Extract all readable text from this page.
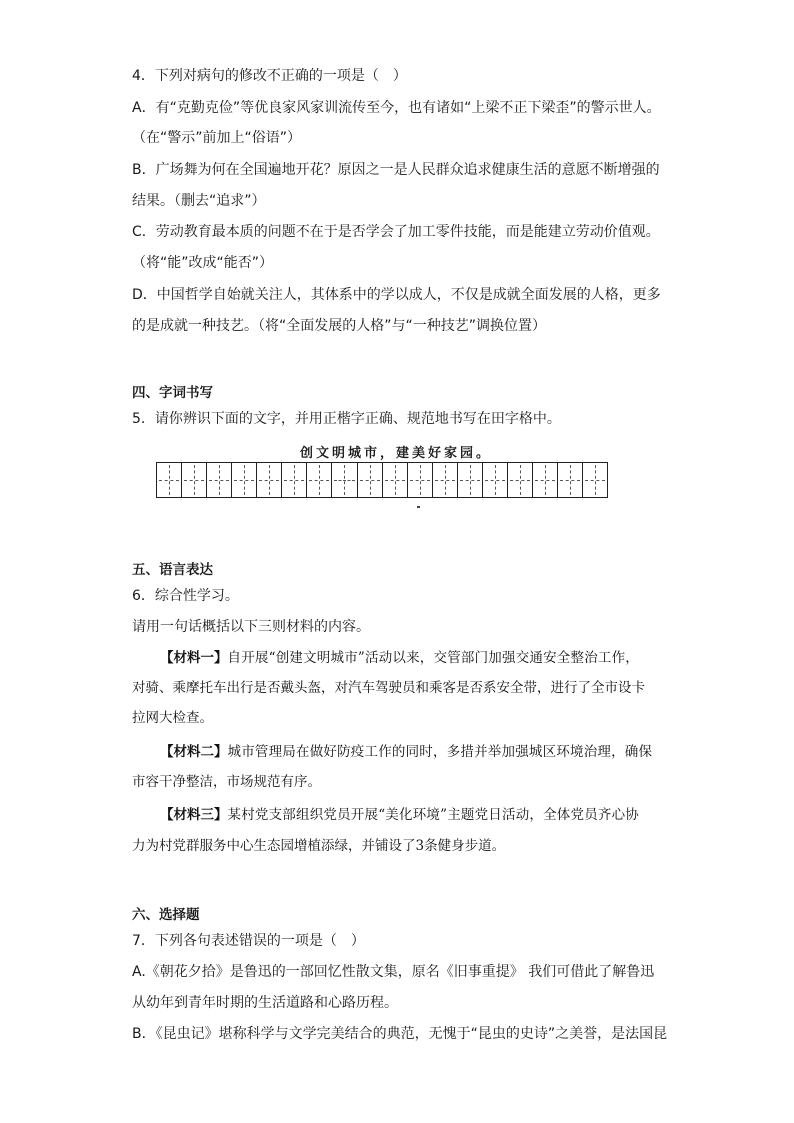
4．下列对病句的修改不正确的一项是（　）
A．有“克勤克俭”等优良家风家训流传至今，也有诸如“上梁不正下梁歪”的警示世人。
（在“警示”前加上“俗语”）
B．广场舞为何在全国遍地开花？原因之一是人民群众追求健康生活的意愿不断增强的
结果。（删去“追求”）
C．劳动教育最本质的问题不在于是否学会了加工零件技能，而是能建立劳动价值观。
（将“能”改成“能否”）
D．中国哲学自始就关注人，其体系中的学以成人，不仅是成就全面发展的人格，更多
的是成就一种技艺。（将“全面发展的人格”与“一种技艺”调换位置）
四、字词书写
5．请你辨识下面的文字，并用正楷字正确、规范地书写在田字格中。
创文明城市，建美好家园。
五、语言表达
6．综合性学习。
请用一句话概括以下三则材料的内容。
【材料一】自开展“创建文明城市”活动以来，交管部门加强交通安全整治工作，
对骑、乘摩托车出行是否戴头盔，对汽车驾驶员和乘客是否系安全带，进行了全市设卡
拉网大检查。
【材料二】城市管理局在做好防疫工作的同时，多措并举加强城区环境治理，确保
市容干净整洁，市场规范有序。
【材料三】某村党支部组织党员开展“美化环境”主题党日活动，全体党员齐心协
力为村党群服务中心生态园增植添绿，并铺设了3条健身步道。
六、选择题
7．下列各句表述错误的一项是（　）
A.《朝花夕拾》是鲁迅的一部回忆性散文集，原名《旧事重提》 我们可借此了解鲁迅
从幼年到青年时期的生活道路和心路历程。
B．《昆虫记》堪称科学与文学完美结合的典范，无愧于“昆虫的史诗”之美誉，是法国昆
